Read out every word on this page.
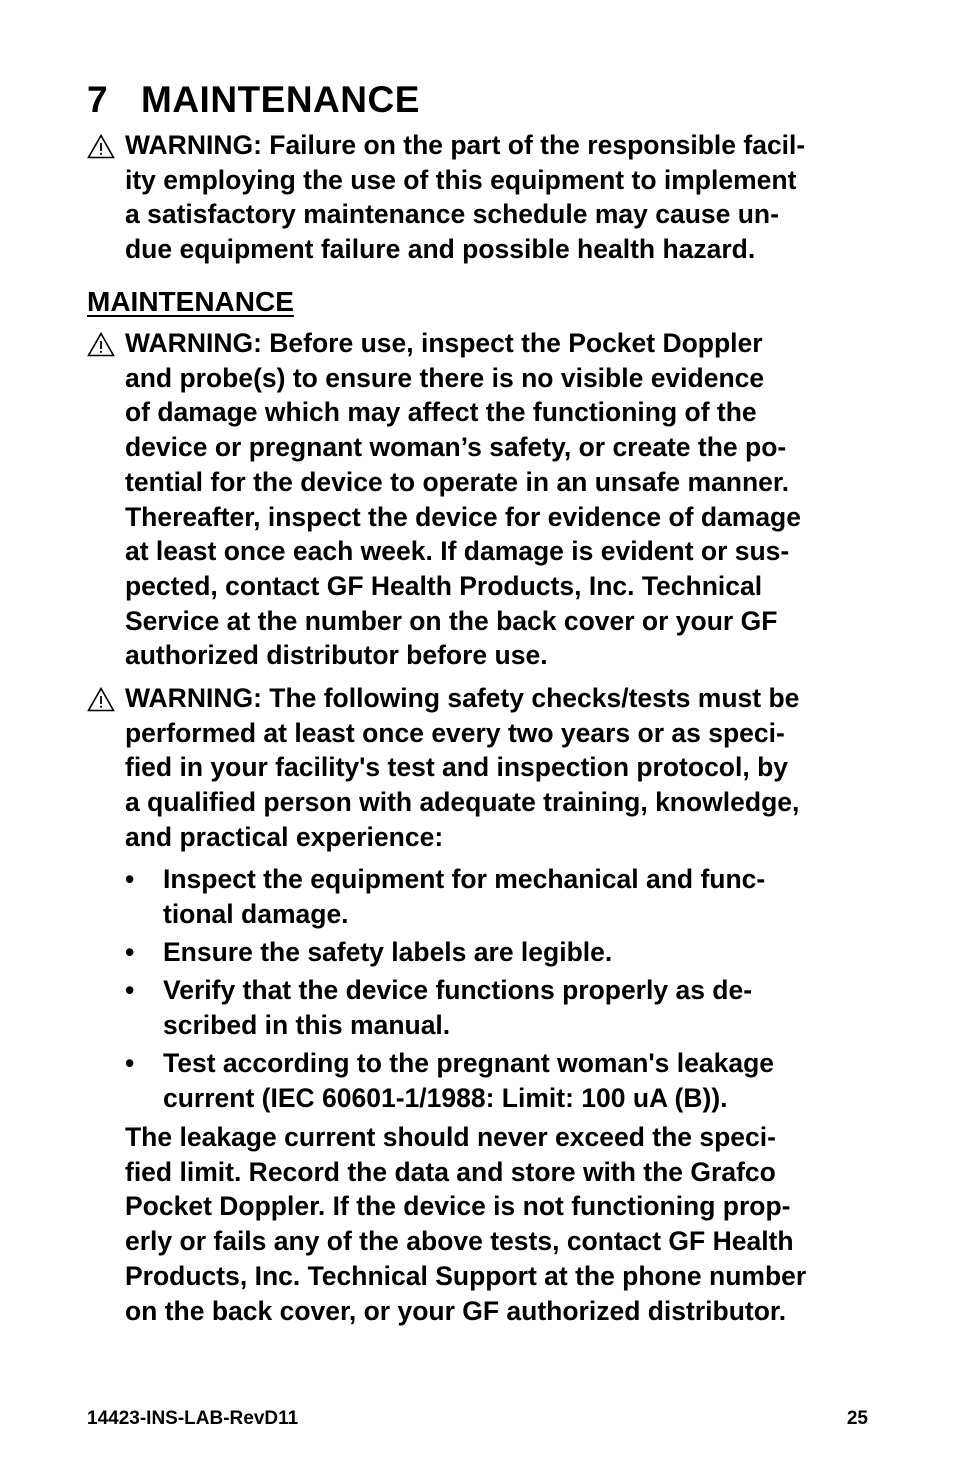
7 MAINTENANCE
WARNING: Failure on the part of the responsible facil-
ity employing the use of this equipment to implement
a satisfactory maintenance schedule may cause un-
due equipment failure and possible health hazard.
MAINTENANCE
WARNING: Before use, inspect the Pocket Doppler
and probe(s) to ensure there is no visible evidence
of damage which may affect the functioning of the
device or pregnant woman’s safety, or create the po-
tential for the device to operate in an unsafe manner.
Thereafter, inspect the device for evidence of damage
at least once each week. If damage is evident or sus-
pected, contact GF Health Products, Inc. Technical
Service at the number on the back cover or your GF
authorized distributor before use.
WARNING: The following safety checks/tests must be
performed at least once every two years or as speci-
fied in your facility's test and inspection protocol, by
a qualified person with adequate training, knowledge,
and practical experience:
• Inspect the equipment for mechanical and func-
tional damage.
• Ensure the safety labels are legible.
• Verify that the device functions properly as de-
scribed in this manual.
• Test according to the pregnant woman's leakage
current (IEC 60601-1/1988: Limit: 100 uA (B)).
The leakage current should never exceed the speci-
fied limit. Record the data and store with the Grafco
Pocket Doppler. If the device is not functioning prop-
erly or fails any of the above tests, contact GF Health
Products, Inc. Technical Support at the phone number
on the back cover, or your GF authorized distributor.
14423-INS-LAB-RevD11	25
